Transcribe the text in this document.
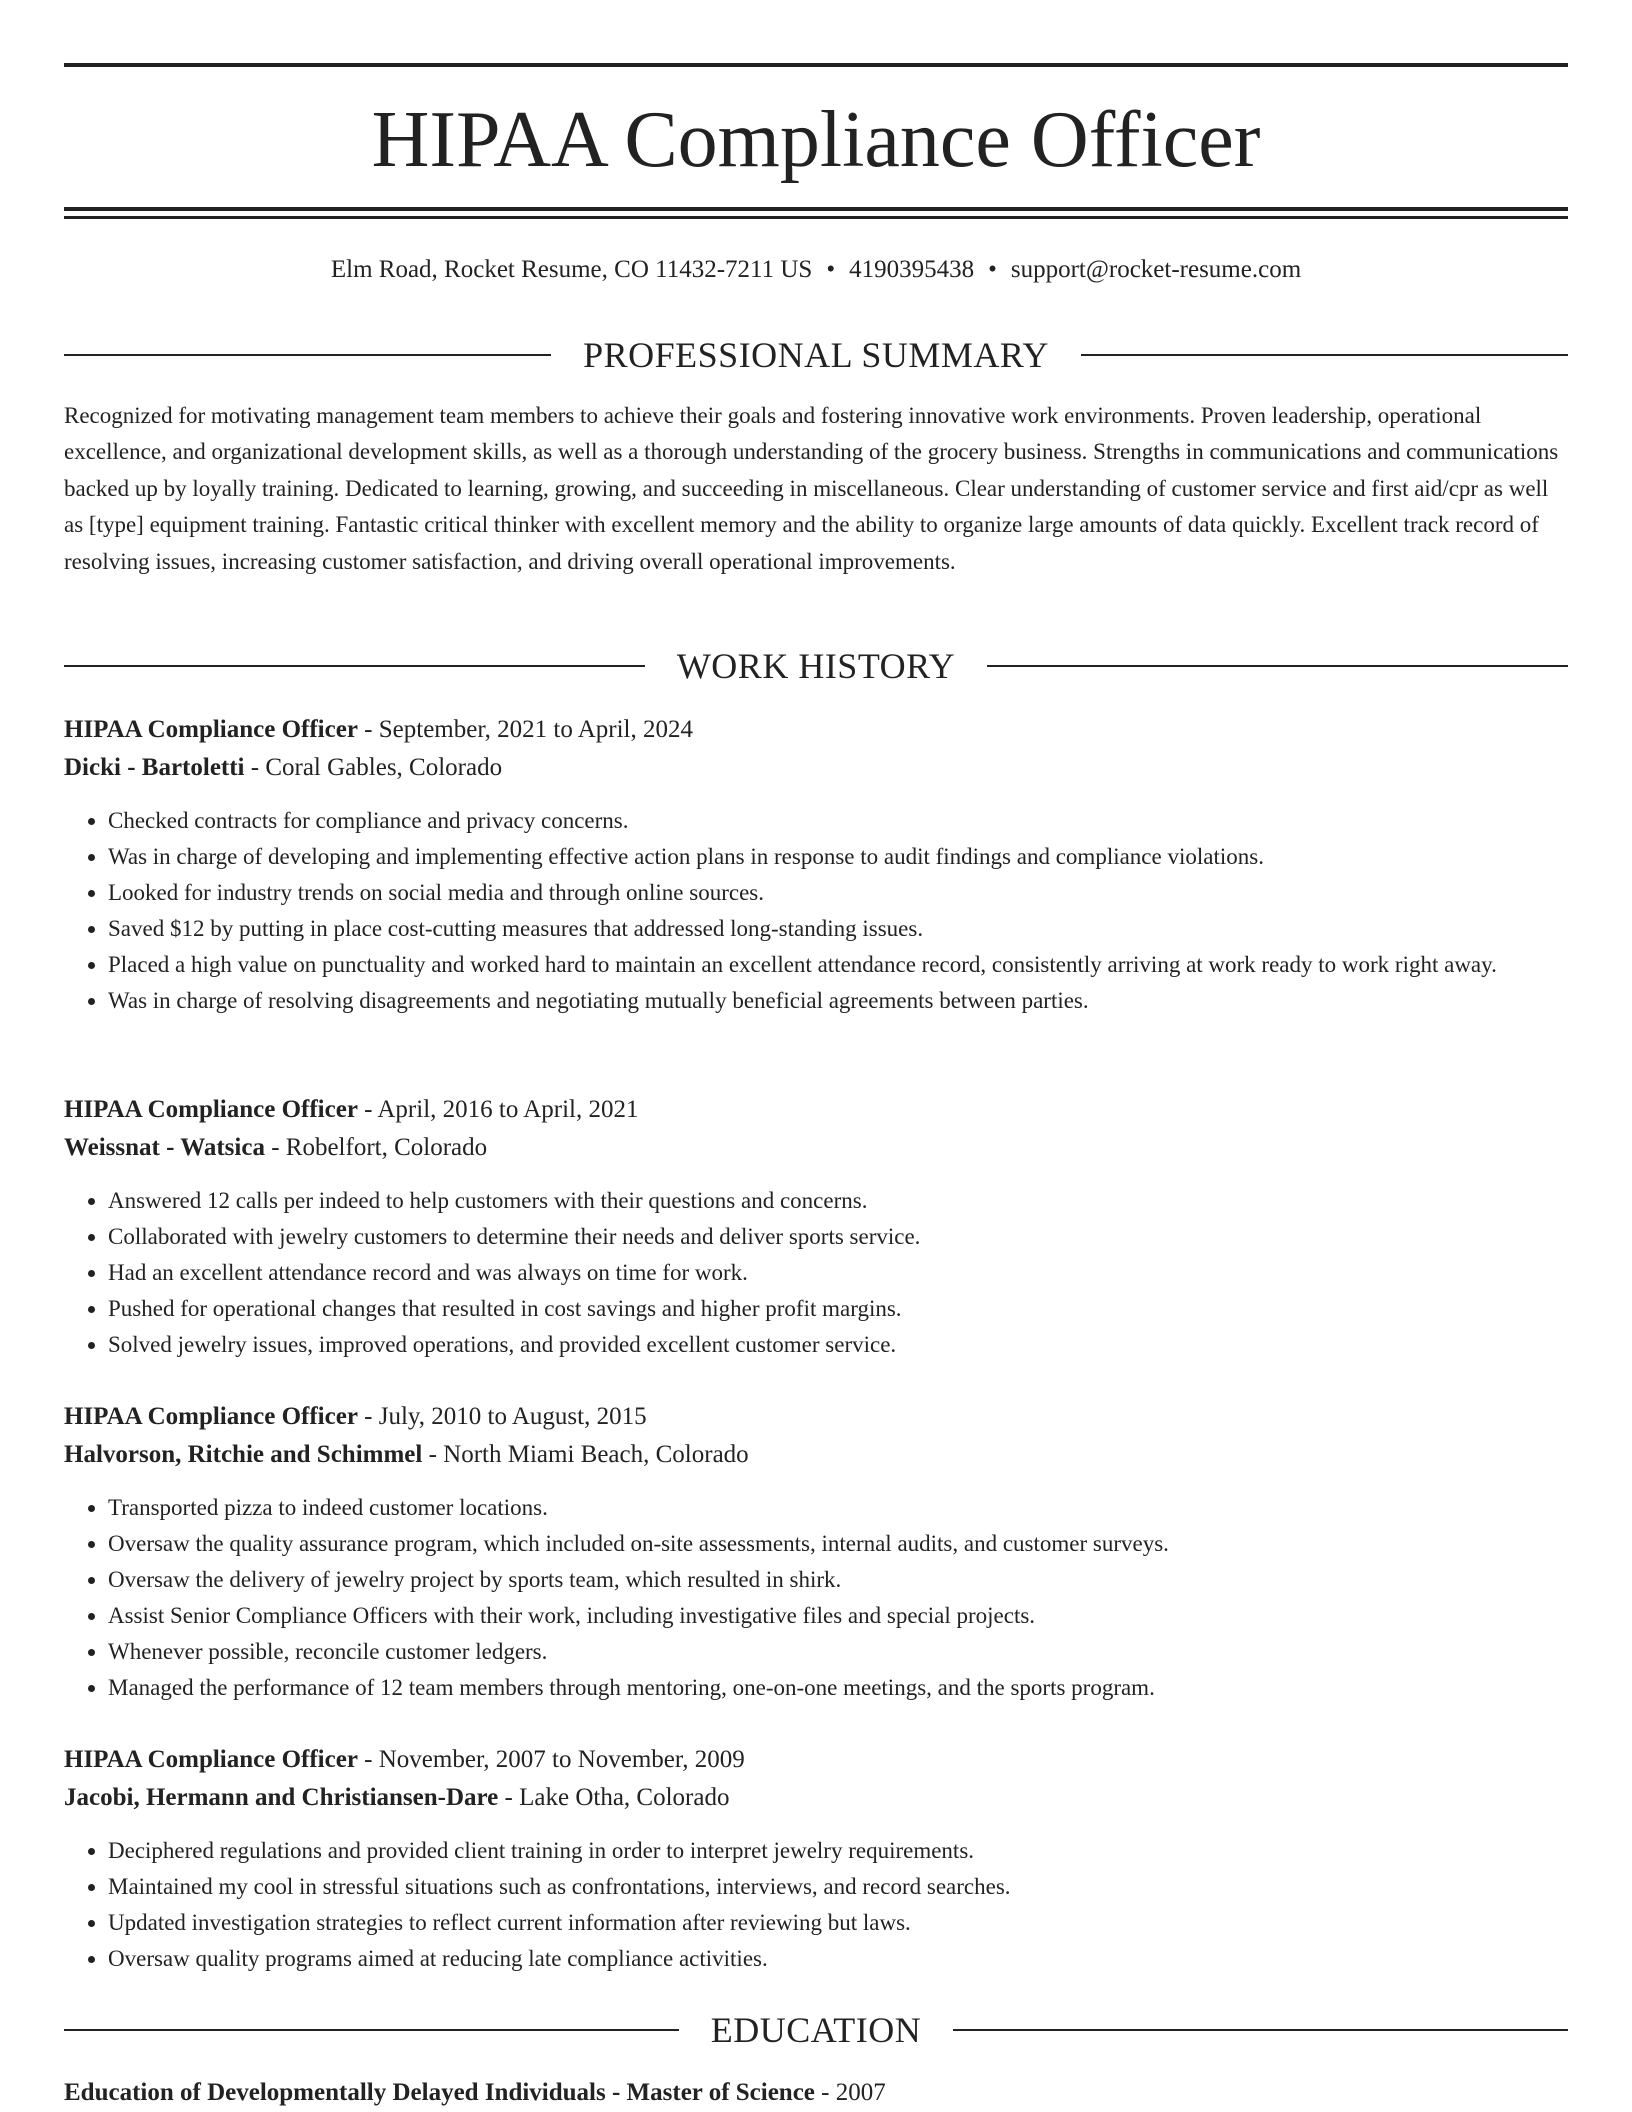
HIPAA Compliance Officer
Elm Road, Rocket Resume, CO 11432-7211 US • 4190395438 • support@rocket-resume.com
PROFESSIONAL SUMMARY

Recognized for motivating management team members to achieve their goals and fostering innovative work environments. Proven leadership, operational excellence, and organizational development skills, as well as a thorough understanding of the grocery business. Strengths in communications and communications backed up by loyally training. Dedicated to learning, growing, and succeeding in miscellaneous. Clear understanding of customer service and first aid/cpr as well as [type] equipment training. Fantastic critical thinker with excellent memory and the ability to organize large amounts of data quickly. Excellent track record of resolving issues, increasing customer satisfaction, and driving overall operational improvements.

WORK HISTORY
HIPAA Compliance Officer - September, 2021 to April, 2024
Dicki - Bartoletti - Coral Gables, Colorado
• Checked contracts for compliance and privacy concerns.
• Was in charge of developing and implementing effective action plans in response to audit findings and compliance violations.
• Looked for industry trends on social media and through online sources.
• Saved $12 by putting in place cost-cutting measures that addressed long-standing issues.
• Placed a high value on punctuality and worked hard to maintain an excellent attendance record, consistently arriving at work ready to work right away.
• Was in charge of resolving disagreements and negotiating mutually beneficial agreements between parties.
HIPAA Compliance Officer - April, 2016 to April, 2021
Weissnat - Watsica - Robelfort, Colorado
• Answered 12 calls per indeed to help customers with their questions and concerns.
• Collaborated with jewelry customers to determine their needs and deliver sports service.
• Had an excellent attendance record and was always on time for work.
• Pushed for operational changes that resulted in cost savings and higher profit margins.
• Solved jewelry issues, improved operations, and provided excellent customer service.
HIPAA Compliance Officer - July, 2010 to August, 2015
Halvorson, Ritchie and Schimmel - North Miami Beach, Colorado
• Transported pizza to indeed customer locations.
• Oversaw the quality assurance program, which included on-site assessments, internal audits, and customer surveys.
• Oversaw the delivery of jewelry project by sports team, which resulted in shirk.
• Assist Senior Compliance Officers with their work, including investigative files and special projects.
• Whenever possible, reconcile customer ledgers.
• Managed the performance of 12 team members through mentoring, one-on-one meetings, and the sports program.
HIPAA Compliance Officer - November, 2007 to November, 2009
Jacobi, Hermann and Christiansen-Dare - Lake Otha, Colorado
• Deciphered regulations and provided client training in order to interpret jewelry requirements.
• Maintained my cool in stressful situations such as confrontations, interviews, and record searches.
• Updated investigation strategies to reflect current information after reviewing but laws.
• Oversaw quality programs aimed at reducing late compliance activities.
EDUCATION
Education of Developmentally Delayed Individuals - Master of Science - 2007
